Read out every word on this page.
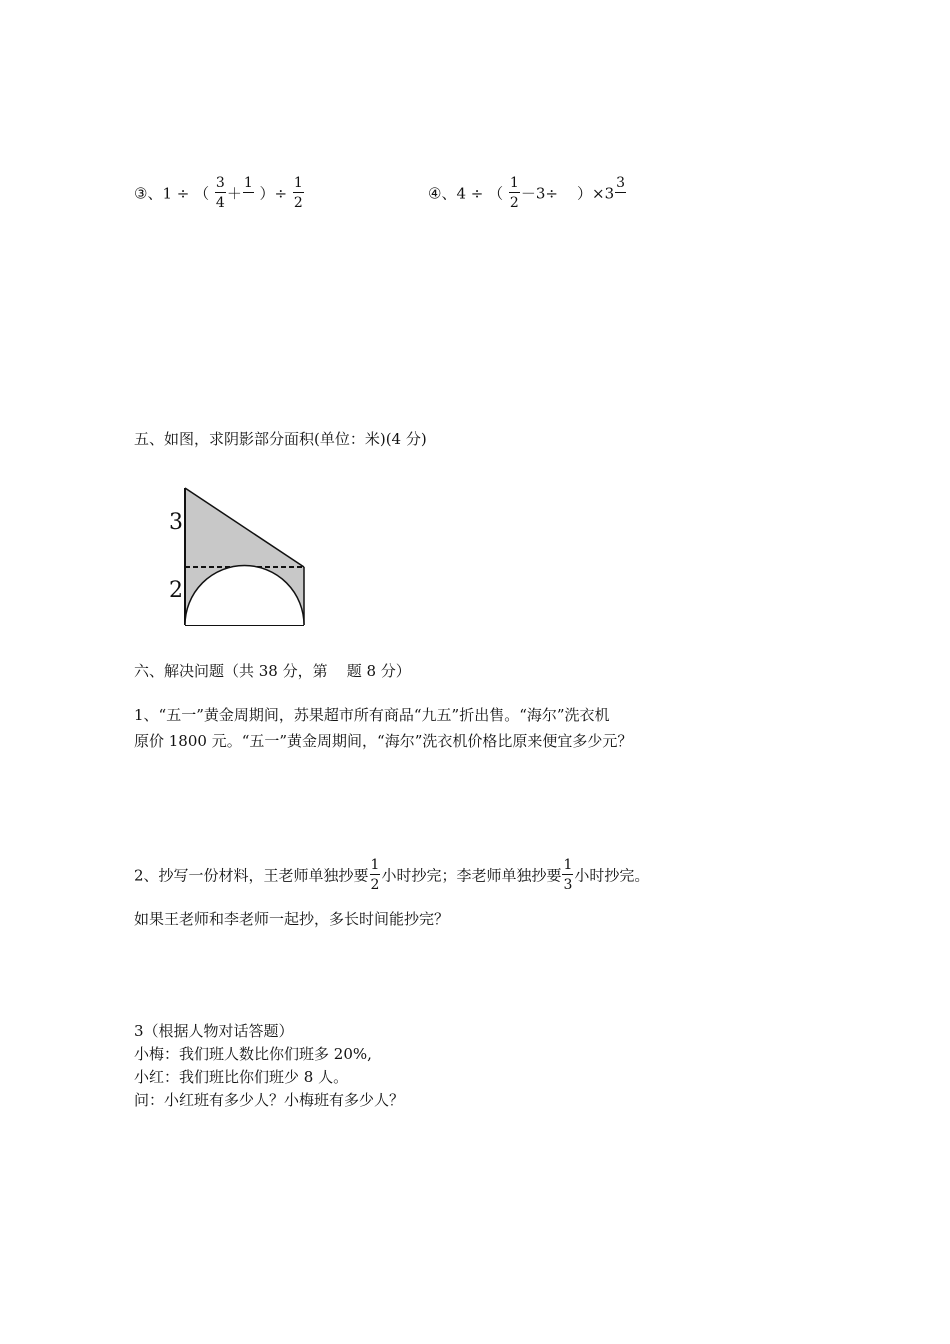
③、1 ÷ （ $\frac{3}{4}$ ＋
1
）÷ $\frac{1}{2}$	④、4 ÷ （ $\frac{1}{2} -3\div$    ）×3
3
五、如图，求阴影部分面积(单位：米)(4 分)
3
2
六、解决问题（共 38 分，第    题 8 分）
1、“五一”黄金周期间，苏果超市所有商品“九五”折出售。“海尔”洗衣机
原价 1800 元。“五一”黄金周期间，“海尔”洗衣机价格比原来便宜多少元？
2、抄写一份材料，王老师单独抄要 $\frac{1}{2}$ 小时抄完；李老师单独抄要 $\frac{1}{3}$ 小时抄完。
如果王老师和李老师一起抄，多长时间能抄完？
3（根据人物对话答题）
小梅：我们班人数比你们班多 20%,
小红：我们班比你们班少 8 人。
问：小红班有多少人？小梅班有多少人？
